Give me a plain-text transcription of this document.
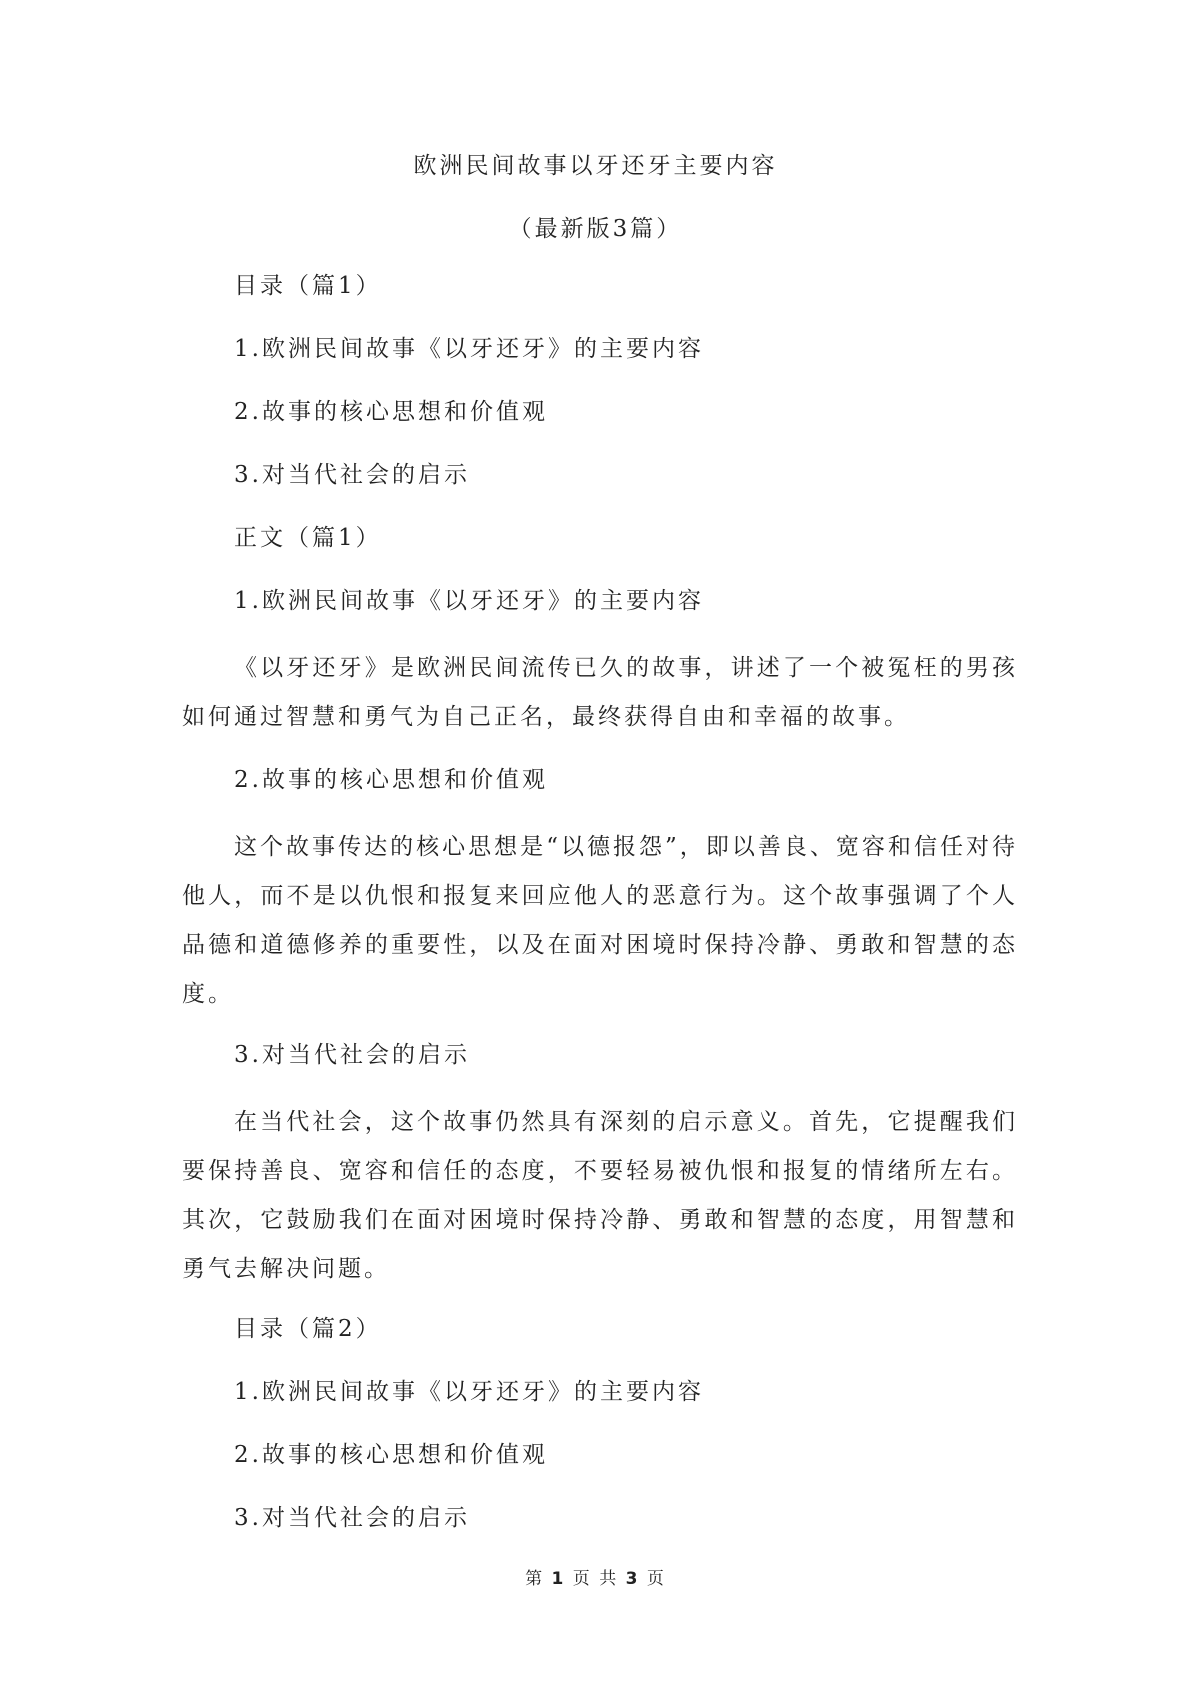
欧洲民间故事以牙还牙主要内容
（最新版3篇）
目录（篇1）
1.欧洲民间故事《以牙还牙》的主要内容
2.故事的核心思想和价值观
3.对当代社会的启示
正文（篇1）
1.欧洲民间故事《以牙还牙》的主要内容
《以牙还牙》是欧洲民间流传已久的故事，讲述了一个被冤枉的男孩如何通过智慧和勇气为自己正名，最终获得自由和幸福的故事。
2.故事的核心思想和价值观
这个故事传达的核心思想是“以德报怨”，即以善良、宽容和信任对待他人，而不是以仇恨和报复来回应他人的恶意行为。这个故事强调了个人品德和道德修养的重要性，以及在面对困境时保持冷静、勇敢和智慧的态度。
3.对当代社会的启示
在当代社会，这个故事仍然具有深刻的启示意义。首先，它提醒我们要保持善良、宽容和信任的态度，不要轻易被仇恨和报复的情绪所左右。其次，它鼓励我们在面对困境时保持冷静、勇敢和智慧的态度，用智慧和勇气去解决问题。
目录（篇2）
1.欧洲民间故事《以牙还牙》的主要内容
2.故事的核心思想和价值观
3.对当代社会的启示
第 1 页 共 3 页
